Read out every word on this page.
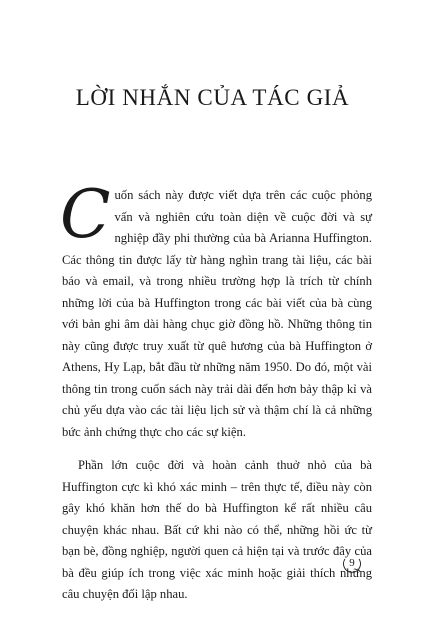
LỜI NHẮN CỦA TÁC GIẢ

Cuốn sách này được viết dựa trên các cuộc phỏng vấn và nghiên cứu toàn diện về cuộc đời và sự nghiệp đầy phi thường của bà Arianna Huffington. Các thông tin được lấy từ hàng nghìn trang tài liệu, các bài báo và email, và trong nhiều trường hợp là trích từ chính những lời của bà Huffington trong các bài viết của bà cùng với bản ghi âm dài hàng chục giờ đồng hồ. Những thông tin này cũng được truy xuất từ quê hương của bà Huffington ở Athens, Hy Lạp, bắt đầu từ những năm 1950. Do đó, một vài thông tin trong cuốn sách này trải dài đến hơn bảy thập kỉ và chủ yếu dựa vào các tài liệu lịch sử và thậm chí là cả những bức ảnh chứng thực cho các sự kiện.

Phần lớn cuộc đời và hoàn cảnh thuở nhỏ của bà Huffington cực kì khó xác minh – trên thực tế, điều này còn gây khó khăn hơn thế do bà Huffington kể rất nhiều câu chuyện khác nhau. Bất cứ khi nào có thể, những hồi ức từ bạn bè, đồng nghiệp, người quen cả hiện tại và trước đây của bà đều giúp ích trong việc xác minh hoặc giải thích những câu chuyện đối lập nhau.

9
